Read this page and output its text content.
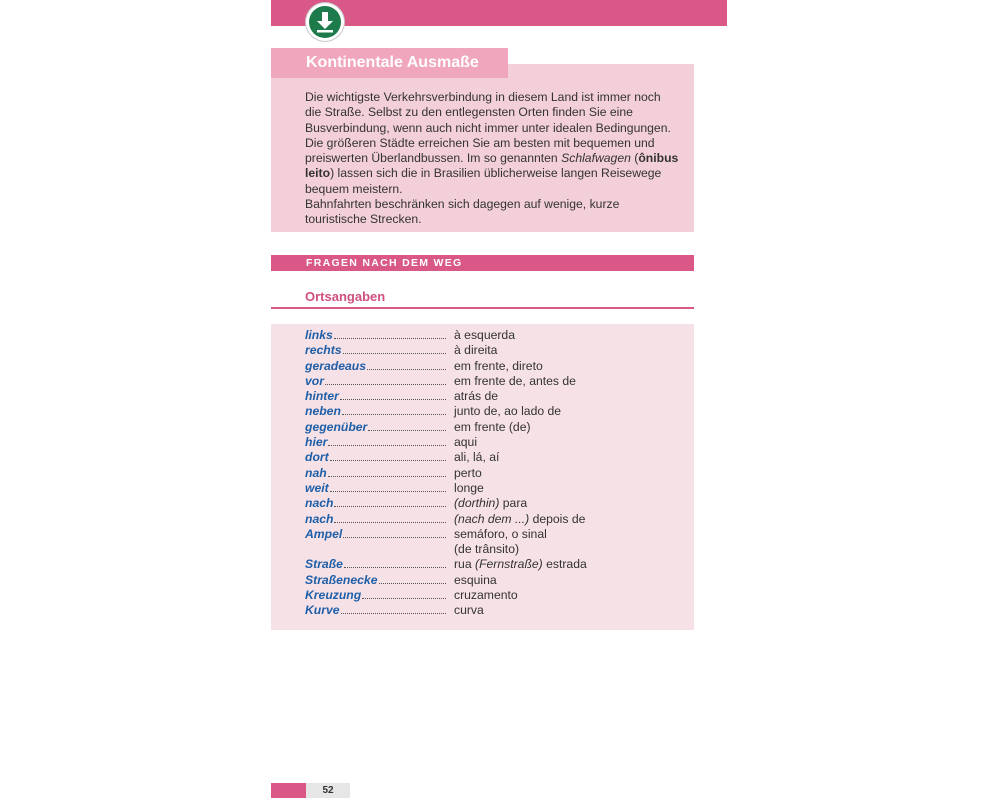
Kontinentale Ausmaße

Die wichtigste Verkehrsverbindung in diesem Land ist immer noch die Straße. Selbst zu den entlegensten Orten finden Sie eine Busverbindung, wenn auch nicht immer unter idealen Bedingungen. Die größeren Städte erreichen Sie am besten mit bequemen und preiswerten Überlandbussen. Im so genannten Schlafwagen (ônibus leito) lassen sich die in Brasilien üblicherweise langen Reisewege bequem meistern.

Bahnfahrten beschränken sich dagegen auf wenige, kurze touristische Strecken.

FRAGEN NACH DEM WEG
Ortsangaben
links	à esquerda
rechts	à direita
geradeaus	em frente, direto
vor	em frente de, antes de
hinter	atrás de
neben	junto de, ao lado de
gegenüber	em frente (de)
hier	aqui
dort	ali, lá, aí
nah	perto
weit	longe
nach	(dorthin) para
nach	(nach dem ...) depois de
Ampel	semáforo, o sinal
(de trânsito)
Straße	rua (Fernstraße) estrada
Straßenecke	esquina
Kreuzung	cruzamento
Kurve	curva
52
